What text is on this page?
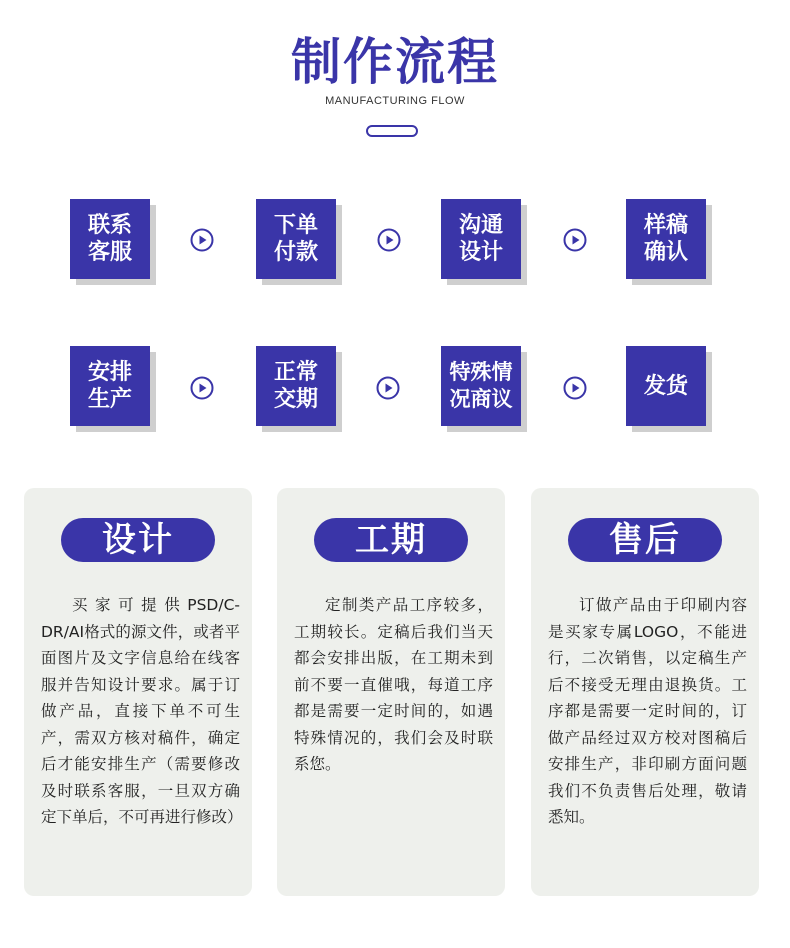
制作流程
MANUFACTURING FLOW
联系
客服
下单
付款
沟通
设计
样稿
确认
安排
生产
正常
交期
特殊情
况商议
发货
设计
买家可提供PSD/C-DR/AI格式的源文件，或者平面图片及文字信息给在线客服并告知设计要求。属于订做产品，直接下单不可生产，需双方核对稿件，确定后才能安排生产（需要修改及时联系客服，一旦双方确定下单后，不可再进行修改）
工期
定制类产品工序较多，工期较长。定稿后我们当天都会安排出版，在工期未到前不要一直催哦，每道工序都是需要一定时间的，如遇特殊情况的，我们会及时联系您。
售后
订做产品由于印刷内容是买家专属LOGO，不能进行，二次销售，以定稿生产后不接受无理由退换货。工序都是需要一定时间的，订做产品经过双方校对图稿后安排生产，非印刷方面问题我们不负责售后处理，敬请悉知。
